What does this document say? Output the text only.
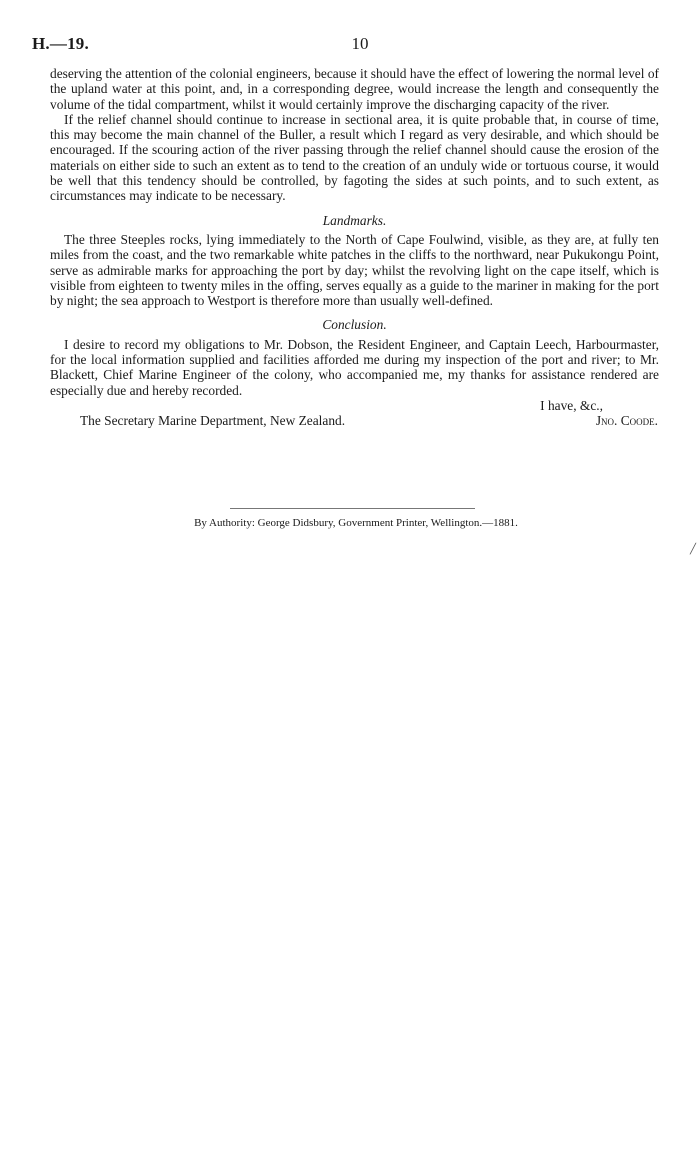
H.—19.	10

deserving the attention of the colonial engineers, because it should have the effect of lowering the normal level of the upland water at this point, and, in a corresponding degree, would increase the length and consequently the volume of the tidal compartment, whilst it would certainly improve the discharging capacity of the river.

If the relief channel should continue to increase in sectional area, it is quite probable that, in course of time, this may become the main channel of the Buller, a result which I regard as very desirable, and which should be encouraged. If the scouring action of the river passing through the relief channel should cause the erosion of the materials on either side to such an extent as to tend to the creation of an unduly wide or tortuous course, it would be well that this tendency should be controlled, by fagoting the sides at such points, and to such extent, as circumstances may indicate to be necessary.

Landmarks.

The three Steeples rocks, lying immediately to the North of Cape Foulwind, visible, as they are, at fully ten miles from the coast, and the two remarkable white patches in the cliffs to the northward, near Pukukongu Point, serve as admirable marks for approaching the port by day; whilst the revolving light on the cape itself, which is visible from eighteen to twenty miles in the offing, serves equally as a guide to the mariner in making for the port by night; the sea approach to Westport is therefore more than usually well-defined.

Conclusion.

I desire to record my obligations to Mr. Dobson, the Resident Engineer, and Captain Leech, Harbourmaster, for the local information supplied and facilities afforded me during my inspection of the port and river; to Mr. Blackett, Chief Marine Engineer of the colony, who accompanied me, my thanks for assistance rendered are especially due and hereby recorded.

I have, &c.,
The Secretary Marine Department, New Zealand.	Jno. Coode.
By Authority: George Didsbury, Government Printer, Wellington.—1881.
╱
